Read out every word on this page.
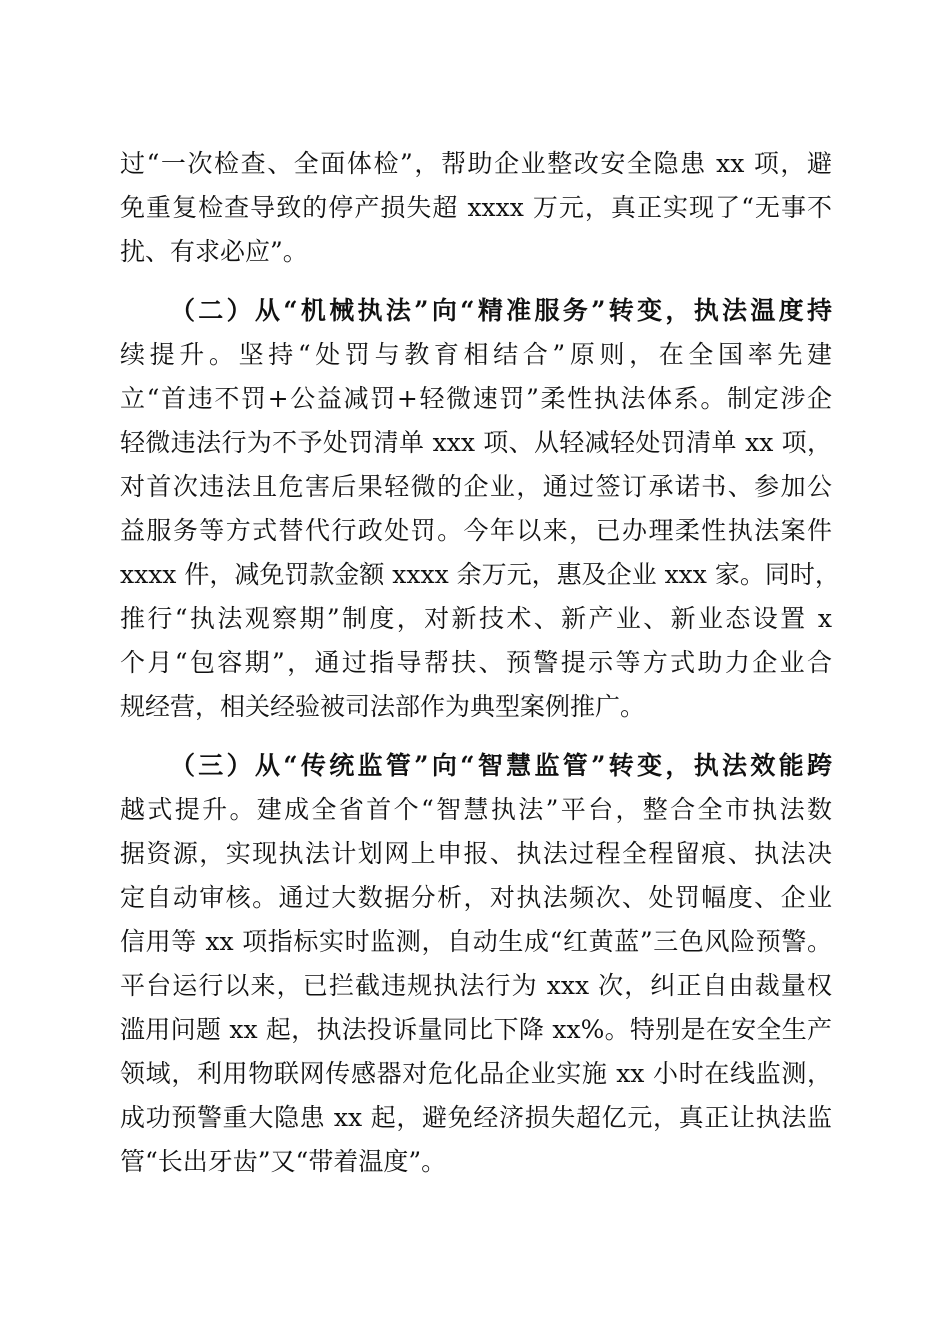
过“一次检查、全面体检”，帮助企业整改安全隐患 xx 项，避
免重复检查导致的停产损失超 xxxx 万元，真正实现了“无事不
扰、有求必应”。
（二）从“机械执法”向“精准服务”转变，执法温度持
续提升。坚持“处罚与教育相结合”原则，在全国率先建
立“首违不罚+公益减罚+轻微速罚”柔性执法体系。制定涉企
轻微违法行为不予处罚清单 xxx 项、从轻减轻处罚清单 xx 项，
对首次违法且危害后果轻微的企业，通过签订承诺书、参加公
益服务等方式替代行政处罚。今年以来，已办理柔性执法案件
xxxx 件，减免罚款金额 xxxx 余万元，惠及企业 xxx 家。同时，
推行“执法观察期”制度，对新技术、新产业、新业态设置 x
个月“包容期”，通过指导帮扶、预警提示等方式助力企业合
规经营，相关经验被司法部作为典型案例推广。
（三）从“传统监管”向“智慧监管”转变，执法效能跨
越式提升。建成全省首个“智慧执法”平台，整合全市执法数
据资源，实现执法计划网上申报、执法过程全程留痕、执法决
定自动审核。通过大数据分析，对执法频次、处罚幅度、企业
信用等 xx 项指标实时监测，自动生成“红黄蓝”三色风险预警。
平台运行以来，已拦截违规执法行为 xxx 次，纠正自由裁量权
滥用问题 xx 起，执法投诉量同比下降 xx%。特别是在安全生产
领域，利用物联网传感器对危化品企业实施 xx 小时在线监测，
成功预警重大隐患 xx 起，避免经济损失超亿元，真正让执法监
管“长出牙齿”又“带着温度”。
